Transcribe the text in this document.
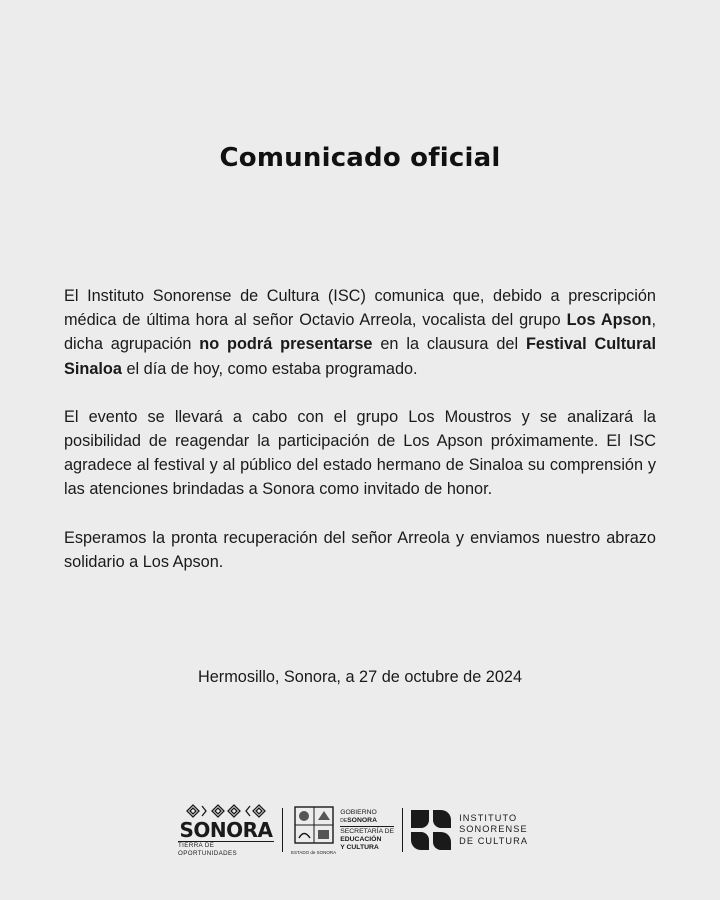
Comunicado oficial

El Instituto Sonorense de Cultura (ISC) comunica que, debido a prescripción médica de última hora al señor Octavio Arreola, vocalista del grupo Los Apson, dicha agrupación no podrá presentarse en la clausura del Festival Cultural Sinaloa el día de hoy, como estaba programado.

El evento se llevará a cabo con el grupo Los Moustros y se analizará la posibilidad de reagendar la participación de Los Apson próximamente. El ISC agradece al festival y al público del estado hermano de Sinaloa su comprensión y las atenciones brindadas a Sonora como invitado de honor.

Esperamos la pronta recuperación del señor Arreola y enviamos nuestro abrazo solidario a Los Apson.

Hermosillo, Sonora, a 27 de octubre de 2024
SONORA
TIERRA DE OPORTUNIDADES	ESTADO de SONORA
GOBIERNO
DESONORA
SECRETARÍA DE
EDUCACIÓN
Y CULTURA
INSTITUTO
SONORENSE
DE CULTURA
